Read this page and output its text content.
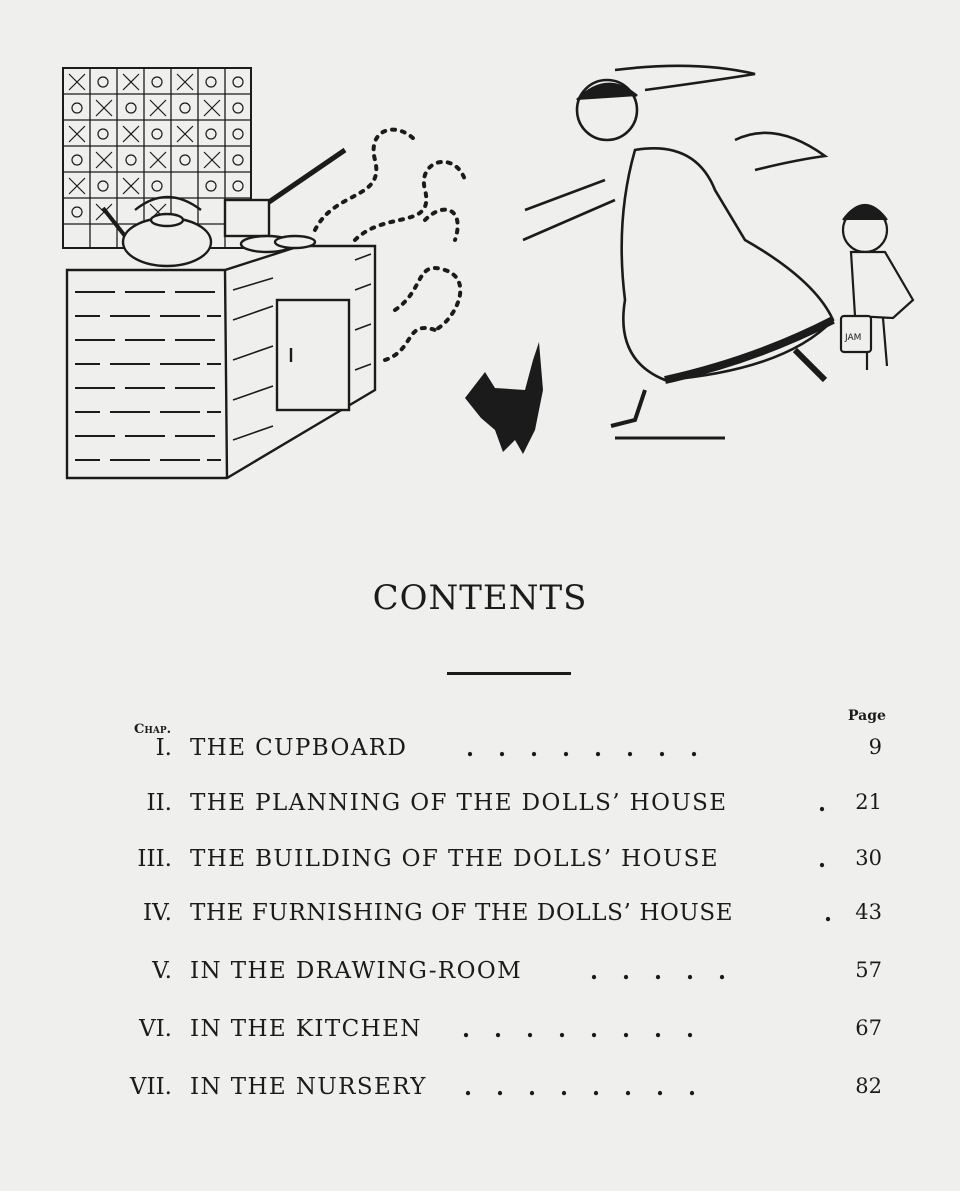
JAM
CONTENTS
Chap.
Page
I. THE CUPBOARD	........	9
II. THE PLANNING OF THE DOLLS’ HOUSE	. 21
III. THE BUILDING OF THE DOLLS’ HOUSE	. 30
IV. THE FURNISHING OF THE DOLLS’ HOUSE	. 43
V. IN THE DRAWING-ROOM	.....	57
VI. IN THE KITCHEN ........	67
VII. IN THE NURSERY ........	82
